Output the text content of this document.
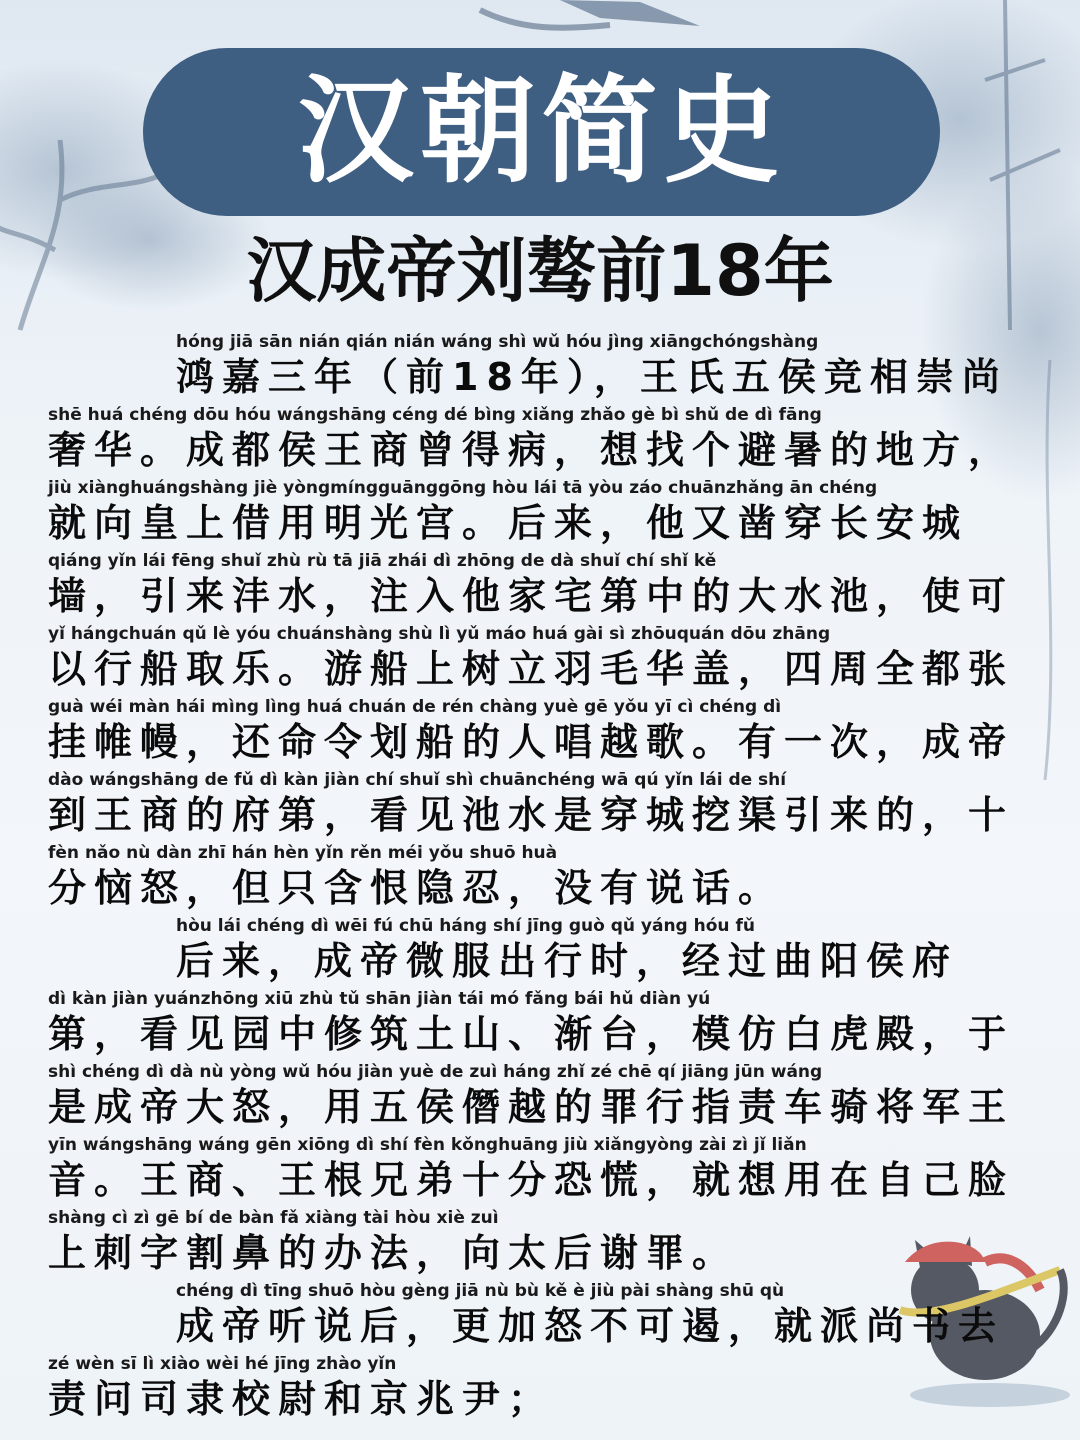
汉朝简史
汉成帝刘骜前18年
hóng jiā sān nián qián nián wáng shì wǔ hóu jìng xiāngchóngshàng
鸿嘉三年（前18年），王氏五侯竞相崇尚
shē huá chéng dōu hóu wángshāng céng dé bìng xiǎng zhǎo gè bì shǔ de dì fāng
奢华。成都侯王商曾得病，想找个避暑的地方，
jiù xiànghuángshàng jiè yòngmíngguānggōng hòu lái tā yòu záo chuānzhǎng ān chéng
就向皇上借用明光宫。后来，他又凿穿长安城
qiáng yǐn lái fēng shuǐ zhù rù tā jiā zhái dì zhōng de dà shuǐ chí shǐ kě
墙，引来沣水，注入他家宅第中的大水池，使可
yǐ hángchuán qǔ lè yóu chuánshàng shù lì yǔ máo huá gài sì zhōuquán dōu zhāng
以行船取乐。游船上树立羽毛华盖，四周全都张
guà wéi màn hái mìng lìng huá chuán de rén chàng yuè gē yǒu yī cì chéng dì
挂帷幔，还命令划船的人唱越歌。有一次，成帝
dào wángshāng de fǔ dì kàn jiàn chí shuǐ shì chuānchéng wā qú yǐn lái de shí
到王商的府第，看见池水是穿城挖渠引来的，十
fèn nǎo nù dàn zhī hán hèn yǐn rěn méi yǒu shuō huà
分恼怒，但只含恨隐忍，没有说话。
hòu lái chéng dì wēi fú chū háng shí jīng guò qǔ yáng hóu fǔ
后来，成帝微服出行时，经过曲阳侯府
dì kàn jiàn yuánzhōng xiū zhù tǔ shān jiàn tái mó fǎng bái hǔ diàn yú
第，看见园中修筑土山、渐台，模仿白虎殿，于
shì chéng dì dà nù yòng wǔ hóu jiàn yuè de zuì háng zhǐ zé chē qí jiāng jūn wáng
是成帝大怒，用五侯僭越的罪行指责车骑将军王
yīn wángshāng wáng gēn xiōng dì shí fèn kǒnghuāng jiù xiǎngyòng zài zì jǐ liǎn
音。王商、王根兄弟十分恐慌，就想用在自己脸
shàng cì zì gē bí de bàn fǎ xiàng tài hòu xiè zuì
上刺字割鼻的办法，向太后谢罪。
chéng dì tīng shuō hòu gèng jiā nù bù kě è jiù pài shàng shū qù
成帝听说后，更加怒不可遏，就派尚书去
zé wèn sī lì xiào wèi hé jīng zhào yǐn
责问司隶校尉和京兆尹；
